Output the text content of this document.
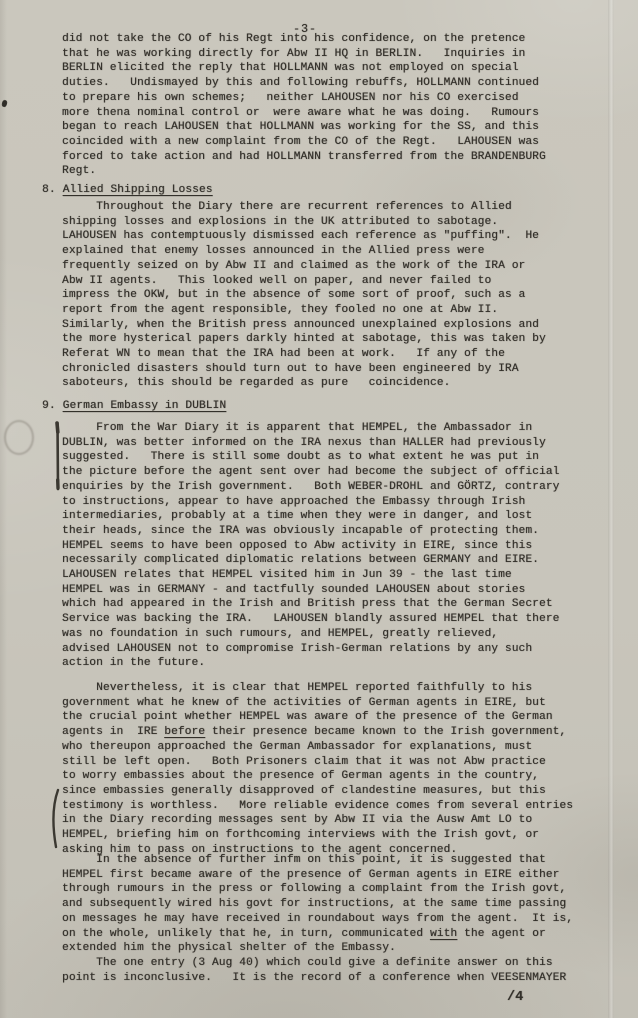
-3-

did not take the CO of his Regt into his confidence, on the pretence
that he was working directly for Abw II HQ in BERLIN.   Inquiries in
BERLIN elicited the reply that HOLLMANN was not employed on special
duties.   Undismayed by this and following rebuffs, HOLLMANN continued
to prepare his own schemes;   neither LAHOUSEN nor his CO exercised
more thena nominal control or  were aware what he was doing.   Rumours
began to reach LAHOUSEN that HOLLMANN was working for the SS, and this
coincided with a new complaint from the CO of the Regt.   LAHOUSEN was
forced to take action and had HOLLMANN transferred from the BRANDENBURG
Regt.

8. Allied Shipping Losses

Throughout the Diary there are recurrent references to Allied
shipping losses and explosions in the UK attributed to sabotage.
LAHOUSEN has contemptuously dismissed each reference as "puffing".  He
explained that enemy losses announced in the Allied press were
frequently seized on by Abw II and claimed as the work of the IRA or
Abw II agents.   This looked well on paper, and never failed to
impress the OKW, but in the absence of some sort of proof, such as a
report from the agent responsible, they fooled no one at Abw II.
Similarly, when the British press announced unexplained explosions and
the more hysterical papers darkly hinted at sabotage, this was taken by
Referat WN to mean that the IRA had been at work.   If any of the
chronicled disasters should turn out to have been engineered by IRA
saboteurs, this should be regarded as pure   coincidence.

9. German Embassy in DUBLIN

From the War Diary it is apparent that HEMPEL, the Ambassador in
DUBLIN, was better informed on the IRA nexus than HALLER had previously
suggested.   There is still some doubt as to what extent he was put in
the picture before the agent sent over had become the subject of official
enquiries by the Irish government.   Both WEBER-DROHL and GÖRTZ, contrary
to instructions, appear to have approached the Embassy through Irish
intermediaries, probably at a time when they were in danger, and lost
their heads, since the IRA was obviously incapable of protecting them.
HEMPEL seems to have been opposed to Abw activity in EIRE, since this
necessarily complicated diplomatic relations between GERMANY and EIRE.
LAHOUSEN relates that HEMPEL visited him in Jun 39 - the last time
HEMPEL was in GERMANY - and tactfully sounded LAHOUSEN about stories
which had appeared in the Irish and British press that the German Secret
Service was backing the IRA.   LAHOUSEN blandly assured HEMPEL that there
was no foundation in such rumours, and HEMPEL, greatly relieved,
advised LAHOUSEN not to compromise Irish-German relations by any such
action in the future.

Nevertheless, it is clear that HEMPEL reported faithfully to his
government what he knew of the activities of German agents in EIRE, but
the crucial point whether HEMPEL was aware of the presence of the German
agents in  IRE before their presence became known to the Irish government,
who thereupon approached the German Ambassador for explanations, must
still be left open.   Both Prisoners claim that it was not Abw practice
to worry embassies about the presence of German agents in the country,
since embassies generally disapproved of clandestine measures, but this
testimony is worthless.   More reliable evidence comes from several entries
in the Diary recording messages sent by Abw II via the Ausw Amt LO to
HEMPEL, briefing him on forthcoming interviews with the Irish govt, or
asking him to pass on instructions to the agent concerned.

In the absence of further infm on this point, it is suggested that
HEMPEL first became aware of the presence of German agents in EIRE either
through rumours in the press or following a complaint from the Irish govt,
and subsequently wired his govt for instructions, at the same time passing
on messages he may have received in roundabout ways from the agent.  It is,
on the whole, unlikely that he, in turn, communicated with the agent or
extended him the physical shelter of the Embassy.

The one entry (3 Aug 40) which could give a definite answer on this
point is inconclusive.   It is the record of a conference when VEESENMAYER

/4
